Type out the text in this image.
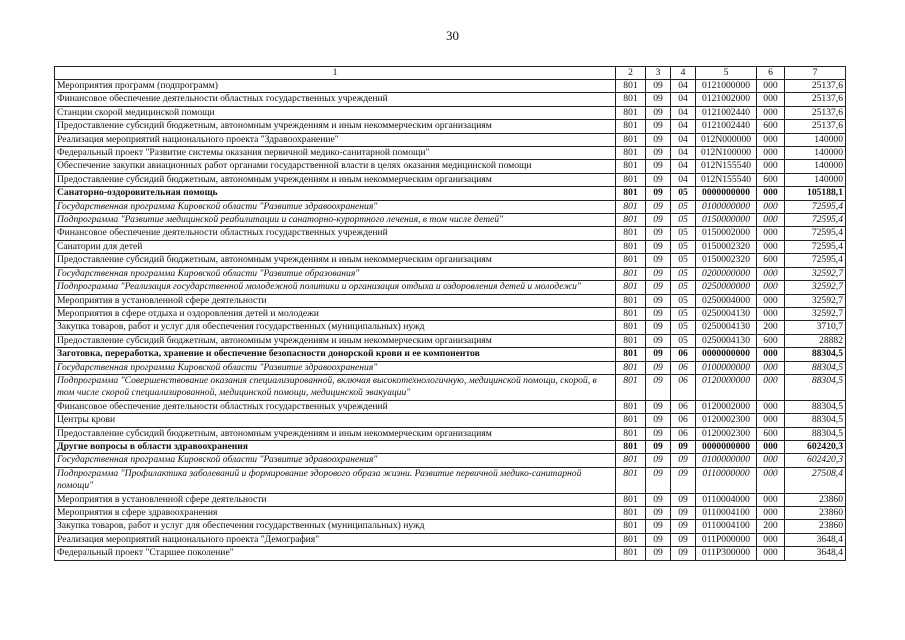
30
1	2	3	4	5	6	7
Мероприятия программ (подпрограмм)	801	09	04	0121000000	000	25137,6
Финансовое обеспечение деятельности областных государственных учреждений	801	09	04	0121002000	000	25137,6
Станции скорой медицинской помощи	801	09	04	0121002440	000	25137,6
Предоставление субсидий бюджетным, автономным учреждениям и иным некоммерческим организациям	801	09	04	0121002440	600	25137,6
Реализация мероприятий национального проекта "Здравоохранение"	801	09	04	012N000000	000	140000
Федеральный проект "Развитие системы оказания первичной медико-санитарной помощи"	801	09	04	012N100000	000	140000
Обеспечение закупки авиационных работ органами государственной власти в целях оказания медицинской помощи	801	09	04	012N155540	000	140000
Предоставление субсидий бюджетным, автономным учреждениям и иным некоммерческим организациям	801	09	04	012N155540	600	140000
Санаторно-оздоровительная помощь	801	09	05	0000000000	000	105188,1
Государственная программа Кировской области "Развитие здравоохранения"	801	09	05	0100000000	000	72595,4
Подпрограмма "Развитие медицинской реабилитации и санаторно-курортного лечения, в том числе детей"	801	09	05	0150000000	000	72595,4
Финансовое обеспечение деятельности областных государственных учреждений	801	09	05	0150002000	000	72595,4
Санатории для детей	801	09	05	0150002320	000	72595,4
Предоставление субсидий бюджетным, автономным учреждениям и иным некоммерческим организациям	801	09	05	0150002320	600	72595,4
Государственная программа Кировской области "Развитие образования"	801	09	05	0200000000	000	32592,7
Подпрограмма "Реализация государственной молодежной политики и организация отдыха и оздоровления детей и молодежи"	801	09	05	0250000000	000	32592,7
Мероприятия в установленной сфере деятельности	801	09	05	0250004000	000	32592,7
Мероприятия в сфере отдыха и оздоровления детей и молодежи	801	09	05	0250004130	000	32592,7
Закупка товаров, работ и услуг для обеспечения государственных (муниципальных) нужд	801	09	05	0250004130	200	3710,7
Предоставление субсидий бюджетным, автономным учреждениям и иным некоммерческим организациям	801	09	05	0250004130	600	28882
Заготовка, переработка, хранение и обеспечение безопасности донорской крови и ее компонентов	801	09	06	0000000000	000	88304,5
Государственная программа Кировской области "Развитие здравоохранения"	801	09	06	0100000000	000	88304,5
Подпрограмма "Совершенствование оказания специализированной, включая высокотехнологичную, медицинской помощи, скорой, в том числе скорой специализированной, медицинской помощи, медицинской эвакуации"	801	09	06	0120000000	000	88304,5
Финансовое обеспечение деятельности областных государственных учреждений	801	09	06	0120002000	000	88304,5
Центры крови	801	09	06	0120002300	000	88304,5
Предоставление субсидий бюджетным, автономным учреждениям и иным некоммерческим организациям	801	09	06	0120002300	600	88304,5
Другие вопросы в области здравоохранения	801	09	09	0000000000	000	602420,3
Государственная программа Кировской области "Развитие здравоохранения"	801	09	09	0100000000	000	602420,3
Подпрограмма "Профилактика заболеваний и формирование здорового образа жизни. Развитие первичной медико-санитарной помощи"	801	09	09	0110000000	000	27508,4
Мероприятия в установленной сфере деятельности	801	09	09	0110004000	000	23860
Мероприятия в сфере здравоохранения	801	09	09	0110004100	000	23860
Закупка товаров, работ и услуг для обеспечения государственных (муниципальных) нужд	801	09	09	0110004100	200	23860
Реализация мероприятий национального проекта "Демография"	801	09	09	011P000000	000	3648,4
Федеральный проект "Старшее поколение"	801	09	09	011P300000	000	3648,4
